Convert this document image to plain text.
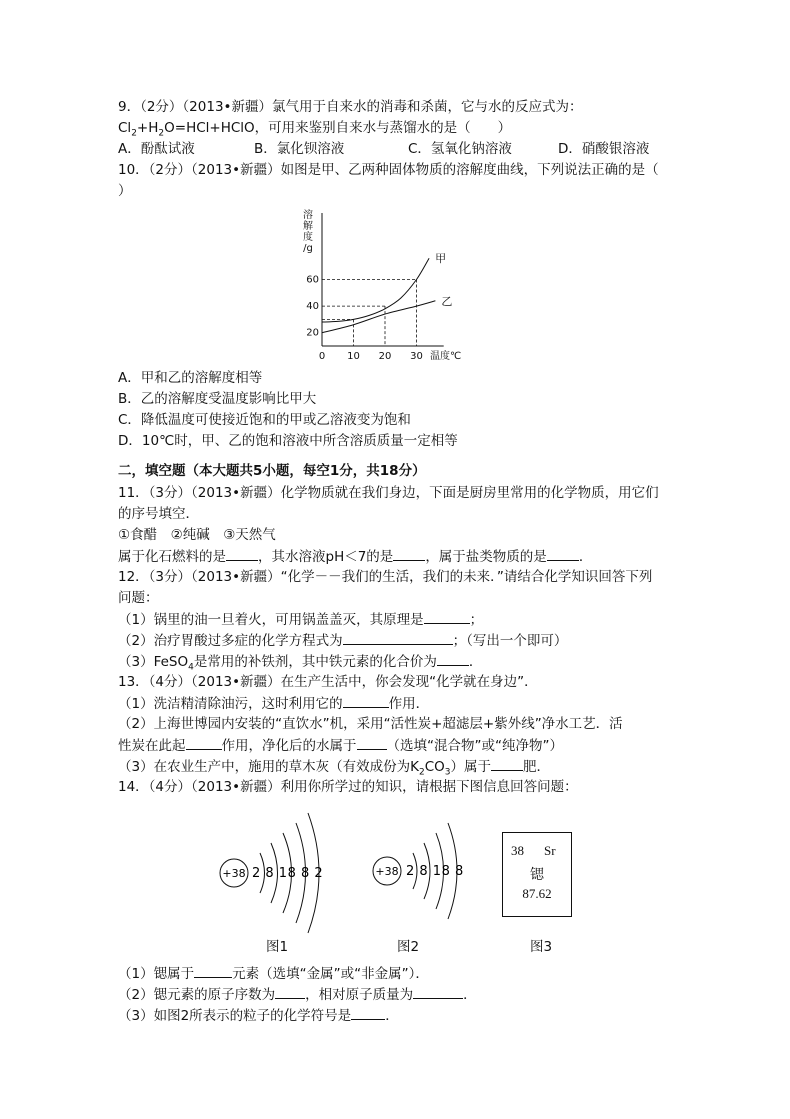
9．（2分）（2013•新疆）氯气用于自来水的消毒和杀菌，它与水的反应式为：
$Cl_2+H_2O=HCl+HClO$，可用来鉴别自来水与蒸馏水的是（　　）
A．酚酞试液	B．氯化钡溶液	C．氢氧化钠溶液	D．硝酸银溶液
10．（2分）（2013•新疆）如图是甲、乙两种固体物质的溶解度曲线，下列说法正确的是（
）
溶
解
度
/g
温度℃
0 10 20 30
20
40
60
甲
乙
A．甲和乙的溶解度相等
B．乙的溶解度受温度影响比甲大
C．降低温度可使接近饱和的甲或乙溶液变为饱和
D．10℃时，甲、乙的饱和溶液中所含溶质质量一定相等
二，填空题（本大题共5小题，每空1分，共18分）
11．（3分）（2013•新疆）化学物质就在我们身边，下面是厨房里常用的化学物质，用它们
的序号填空．
①食醋　②纯碱　③天然气
属于化石燃料的是 ，其水溶液pH＜7的是 ，属于盐类物质的是 ．
12．（3分）（2013•新疆）“化学－－我们的生活，我们的未来．”请结合化学知识回答下列
问题：
（1）锅里的油一旦着火，可用锅盖盖灭，其原理是	；
（2）治疗胃酸过多症的化学方程式为	；（写出一个即可）
（3）FeSO$_4$是常用的补铁剂，其中铁元素的化合价为 ．
13．（4分）（2013•新疆）在生产生活中，你会发现“化学就在身边”．
（1）洗洁精清除油污，这时利用它的	作用．
（2）上海世博园内安装的“直饮水”机，采用“活性炭+超滤层+紫外线”净水工艺．活
性炭在此起	作用，净化后的水属于 （选填“混合物”或“纯净物”）
（3）在农业生产中，施用的草木灰（有效成份为$K_2CO_3$）属于 肥．
14．（4分）（2013•新疆）利用你所学过的知识，请根据下图信息回答问题：
+38 2 8 18 8 2
图1
+38 2 8 18 8
图2
38 Sr
锶
87.62
图3
（1）锶属于	元素（选填“金属”或“非金属”）．
（2）锶元素的原子序数为 ，相对原子质量为	．
（3）如图2所表示的粒子的化学符号是	．
